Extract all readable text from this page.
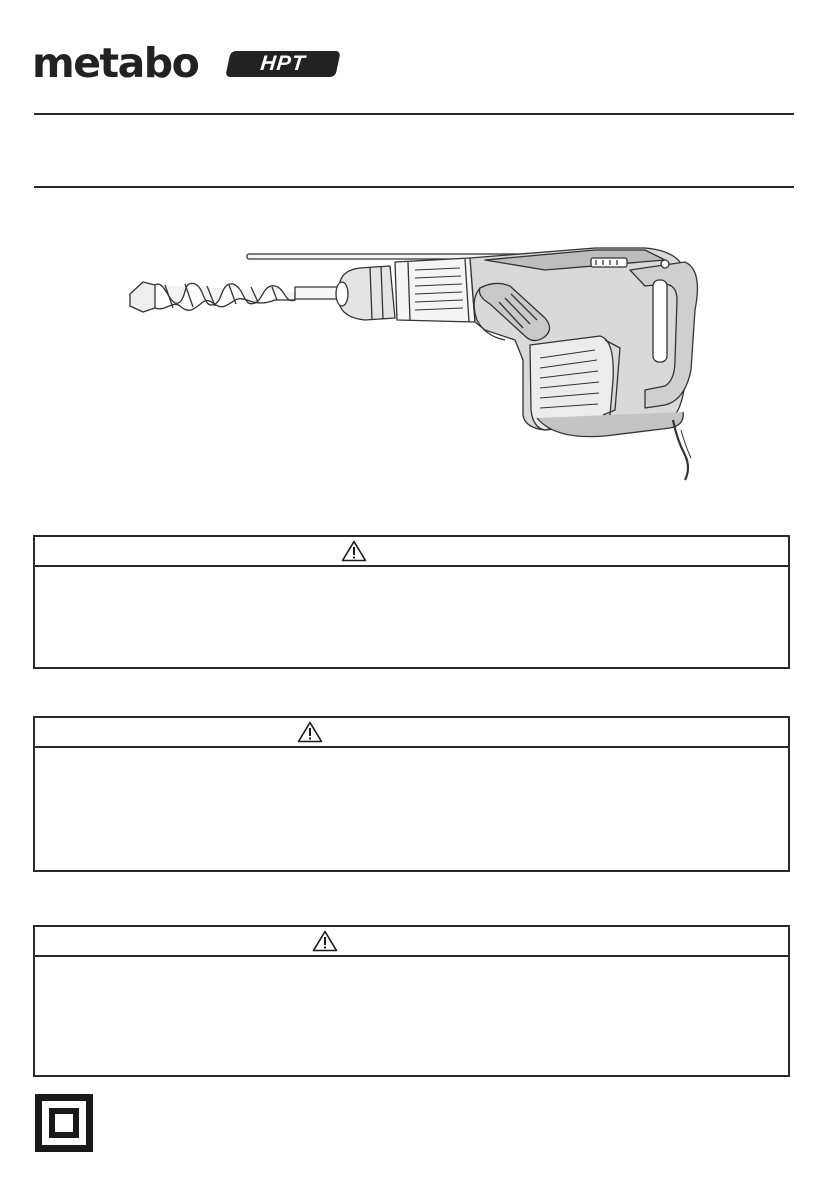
metabo	HPT
